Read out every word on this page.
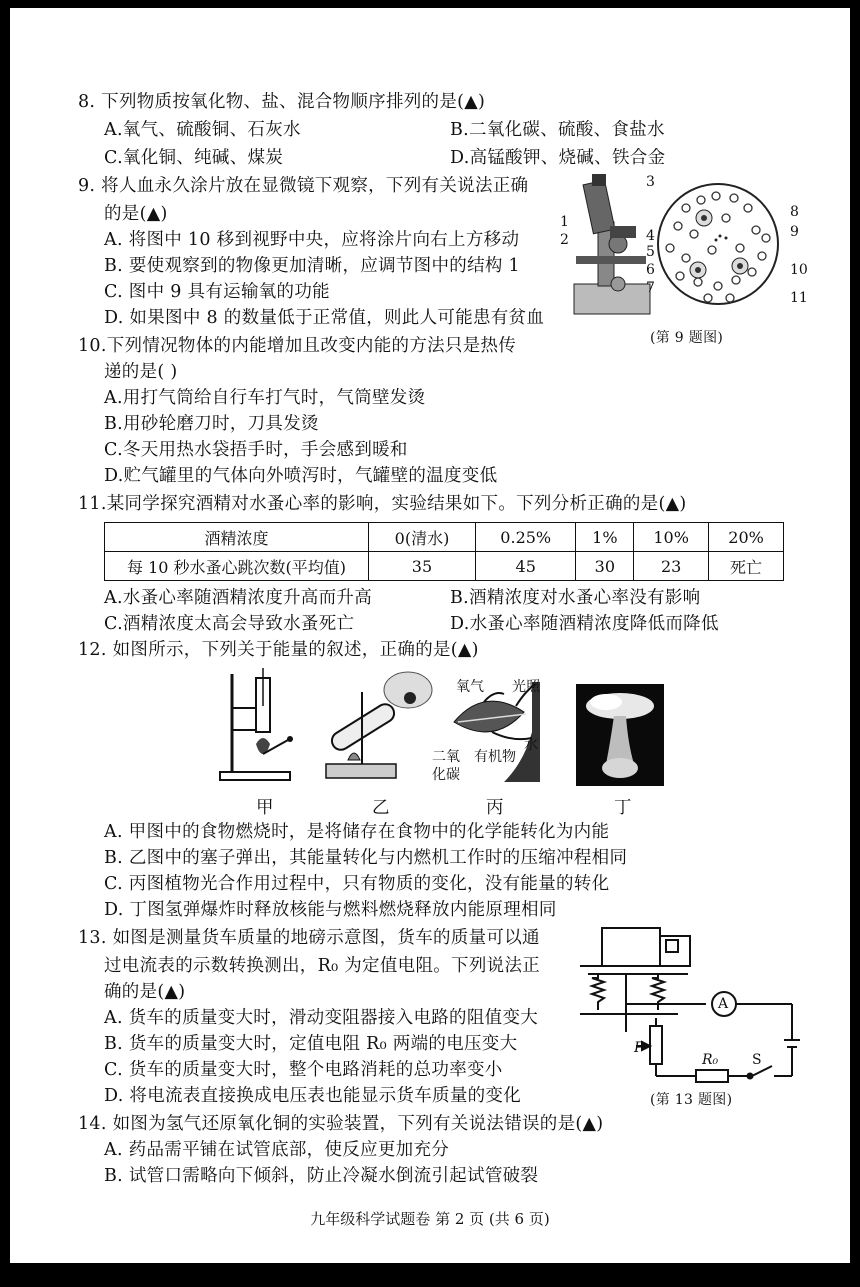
8. 下列物质按氧化物、盐、混合物顺序排列的是(▲)
A.氧气、硫酸铜、石灰水	B.二氧化碳、硫酸、食盐水
C.氧化铜、纯碱、煤炭	D.高锰酸钾、烧碱、铁合金
9. 将人血永久涂片放在显微镜下观察，下列有关说法正确
的是(▲)
A. 将图中 10 移到视野中央，应将涂片向右上方移动
B. 要使观察到的物像更加清晰，应调节图中的结构 1
C. 图中 9 具有运输氧的功能
D. 如果图中 8 的数量低于正常值，则此人可能患有贫血
3
1
2	4
5
6
7
8
9
10
11
(第 9 题图)
10.下列情况物体的内能增加且改变内能的方法只是热传
递的是( )
A.用打气筒给自行车打气时，气筒壁发烫
B.用砂轮磨刀时，刀具发烫
C.冬天用热水袋捂手时，手会感到暖和
D.贮气罐里的气体向外喷泻时，气罐壁的温度变低
11.某同学探究酒精对水蚤心率的影响，实验结果如下。下列分析正确的是(▲)
酒精浓度	0(清水)	0.25%	1%	10%	20%
每 10 秒水蚤心跳次数(平均值)	35	45	30	23	死亡
A.水蚤心率随酒精浓度升高而升高	B.酒精浓度对水蚤心率没有影响
C.酒精浓度太高会导致水蚤死亡	D.水蚤心率随酒精浓度降低而降低
12. 如图所示，下列关于能量的叙述，正确的是(▲)
氧气 光照
二氧
化碳
有机物
水
甲	乙	丙	丁
A. 甲图中的食物燃烧时，是将储存在食物中的化学能转化为内能
B. 乙图中的塞子弹出，其能量转化与内燃机工作时的压缩冲程相同
C. 丙图植物光合作用过程中，只有物质的变化，没有能量的转化
D. 丁图氢弹爆炸时释放核能与燃料燃烧释放内能原理相同
13. 如图是测量货车质量的地磅示意图，货车的质量可以通
过电流表的示数转换测出，R₀ 为定值电阻。下列说法正
确的是(▲)
A. 货车的质量变大时，滑动变阻器接入电路的阻值变大
B. 货车的质量变大时，定值电阻 R₀ 两端的电压变大
C. 货车的质量变大时，整个电路消耗的总功率变小
D. 将电流表直接换成电压表也能显示货车质量的变化
A
P
R₀ S
(第 13 题图)
14. 如图为氢气还原氧化铜的实验装置，下列有关说法错误的是(▲)
A. 药品需平铺在试管底部，使反应更加充分
B. 试管口需略向下倾斜，防止冷凝水倒流引起试管破裂
九年级科学试题卷 第 2 页 (共 6 页)
